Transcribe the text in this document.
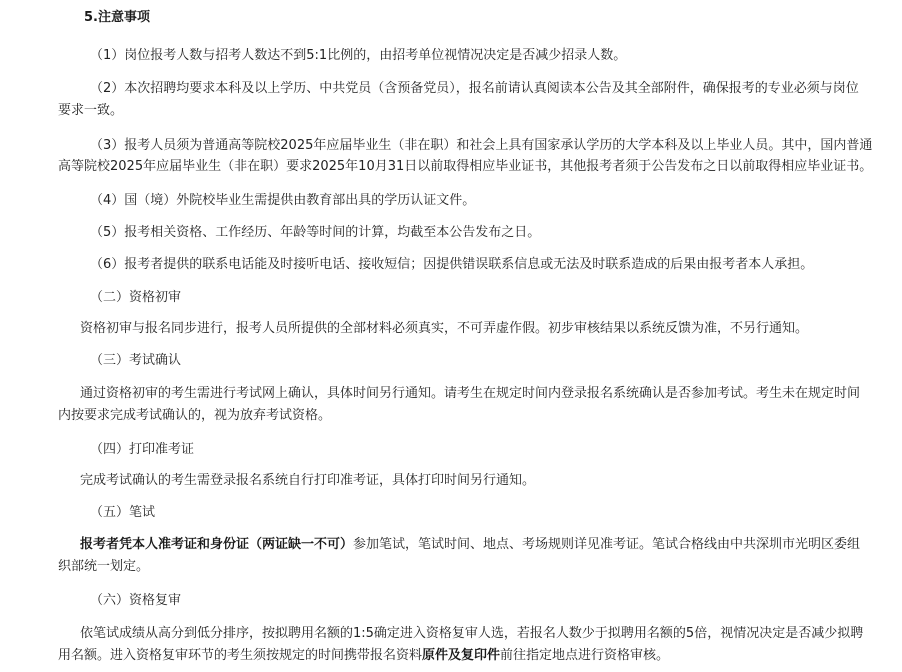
5.注意事项
（1）岗位报考人数与招考人数达不到5:1比例的，由招考单位视情况决定是否减少招录人数。
（2）本次招聘均要求本科及以上学历、中共党员（含预备党员），报名前请认真阅读本公告及其全部附件，确保报考的专业必须与岗位
要求一致。
（3）报考人员须为普通高等院校2025年应届毕业生（非在职）和社会上具有国家承认学历的大学本科及以上毕业人员。其中，国内普通
高等院校2025年应届毕业生（非在职）要求2025年10月31日以前取得相应毕业证书，其他报考者须于公告发布之日以前取得相应毕业证书。
（4）国（境）外院校毕业生需提供由教育部出具的学历认证文件。
（5）报考相关资格、工作经历、年龄等时间的计算，均截至本公告发布之日。
（6）报考者提供的联系电话能及时接听电话、接收短信；因提供错误联系信息或无法及时联系造成的后果由报考者本人承担。
（二）资格初审
资格初审与报名同步进行，报考人员所提供的全部材料必须真实，不可弄虚作假。初步审核结果以系统反馈为准，不另行通知。
（三）考试确认
通过资格初审的考生需进行考试网上确认，具体时间另行通知。请考生在规定时间内登录报名系统确认是否参加考试。考生未在规定时间
内按要求完成考试确认的，视为放弃考试资格。
（四）打印准考证
完成考试确认的考生需登录报名系统自行打印准考证，具体打印时间另行通知。
（五）笔试
报考者凭本人准考证和身份证（两证缺一不可）参加笔试，笔试时间、地点、考场规则详见准考证。笔试合格线由中共深圳市光明区委组
织部统一划定。
（六）资格复审
依笔试成绩从高分到低分排序，按拟聘用名额的1:5确定进入资格复审人选，若报名人数少于拟聘用名额的5倍，视情况决定是否减少拟聘
用名额。进入资格复审环节的考生须按规定的时间携带报名资料原件及复印件前往指定地点进行资格审核。
